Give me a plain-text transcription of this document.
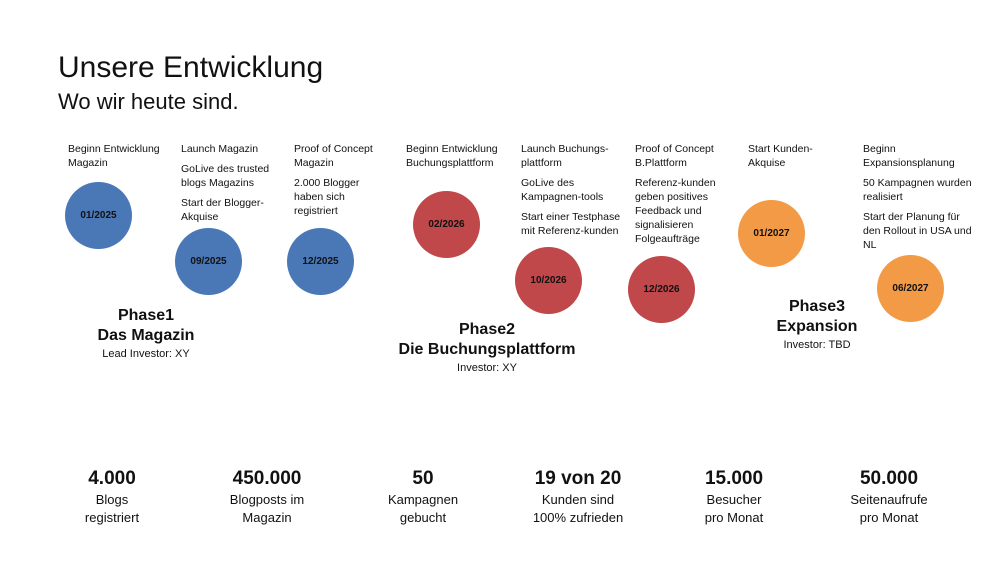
Unsere Entwicklung
Wo wir heute sind.

Beginn Entwicklung
Magazin

01/2025

Launch Magazin

GoLive des trusted
blogs Magazins

Start der Blogger-
Akquise

09/2025

Proof of Concept
Magazin

2.000 Blogger
haben sich
registriert

12/2025

Beginn Entwicklung
Buchungsplattform

02/2026

Launch Buchungs-
plattform

GoLive des
Kampagnen-tools

Start einer Testphase
mit Referenz-kunden

10/2026

Proof of Concept
B.Plattform

Referenz-kunden
geben positives
Feedback und
signalisieren
Folgeaufträge

12/2026

Start Kunden-
Akquise

01/2027

Beginn
Expansionsplanung

50 Kampagnen wurden
realisiert

Start der Planung für
den Rollout in USA und
NL

06/2027
Phase1
Das Magazin
Lead Investor: XY
Phase2
Die Buchungsplattform
Investor: XY
Phase3
Expansion
Investor: TBD
4.000
Blogs
registriert
450.000
Blogposts im
Magazin
50
Kampagnen
gebucht
19 von 20
Kunden sind
100% zufrieden
15.000
Besucher
pro Monat
50.000
Seitenaufrufe
pro Monat
